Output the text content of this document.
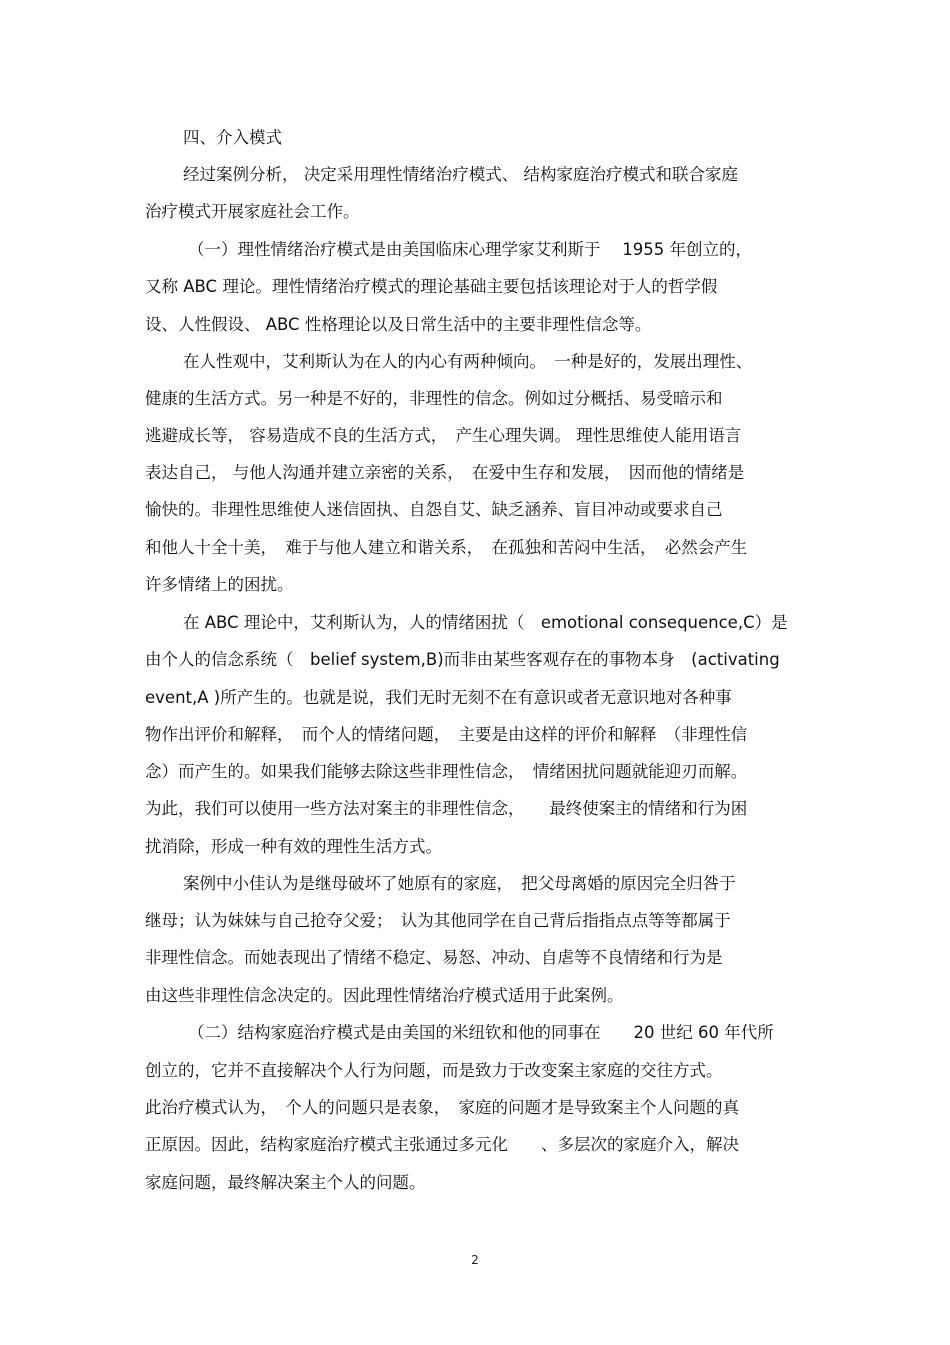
四、介入模式
经过案例分析， 决定采用理性情绪治疗模式、 结构家庭治疗模式和联合家庭
治疗模式开展家庭社会工作。
（一）理性情绪治疗模式是由美国临床心理学家艾利斯于　 1955 年创立的，
又称 ABC 理论。理性情绪治疗模式的理论基础主要包括该理论对于人的哲学假
设、人性假设、 ABC 性格理论以及日常生活中的主要非理性信念等。
在人性观中，艾利斯认为在人的内心有两种倾向。　一种是好的，发展出理性、
健康的生活方式。另一种是不好的，非理性的信念。例如过分概括、易受暗示和
逃避成长等， 容易造成不良的生活方式，　产生心理失调。 理性思维使人能用语言
表达自己， 与他人沟通并建立亲密的关系，　在爱中生存和发展，　因而他的情绪是
愉快的。非理性思维使人迷信固执、自怨自艾、缺乏涵养、盲目冲动或要求自己
和他人十全十美，　难于与他人建立和谐关系，　在孤独和苦闷中生活，　必然会产生
许多情绪上的困扰。
在 ABC 理论中，艾利斯认为，人的情绪困扰（　emotional consequence,C）是
由个人的信念系统（　belief system,B)而非由某些客观存在的事物本身　(activating
event,A )所产生的。也就是说，我们无时无刻不在有意识或者无意识地对各种事
物作出评价和解释，　而个人的情绪问题，　主要是由这样的评价和解释　（非理性信
念）而产生的。如果我们能够去除这些非理性信念，　情绪困扰问题就能迎刃而解。
为此，我们可以使用一些方法对案主的非理性信念，　　最终使案主的情绪和行为困
扰消除，形成一种有效的理性生活方式。
案例中小佳认为是继母破坏了她原有的家庭，　把父母离婚的原因完全归咎于
继母；认为妹妹与自己抢夺父爱；　认为其他同学在自己背后指指点点等等都属于
非理性信念。而她表现出了情绪不稳定、易怒、冲动、自虐等不良情绪和行为是
由这些非理性信念决定的。因此理性情绪治疗模式适用于此案例。
（二）结构家庭治疗模式是由美国的米纽钦和他的同事在　　20 世纪 60 年代所
创立的，它并不直接解决个人行为问题，而是致力于改变案主家庭的交往方式。
此治疗模式认为，　个人的问题只是表象，　家庭的问题才是导致案主个人问题的真
正原因。因此，结构家庭治疗模式主张通过多元化　　、多层次的家庭介入，解决
家庭问题，最终解决案主个人的问题。
2
